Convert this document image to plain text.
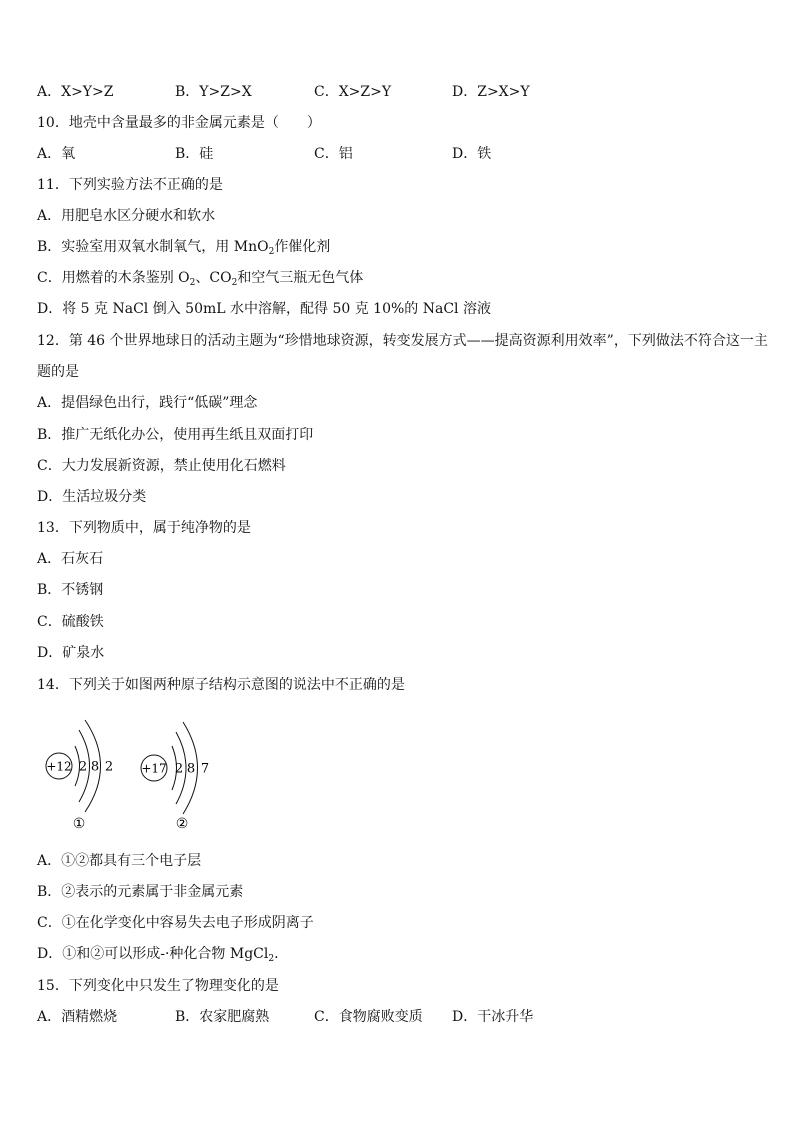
A．X>Y>Z	B．Y>Z>X	C．X>Z>Y	D．Z>X>Y
10．地壳中含量最多的非金属元素是（　　）
A．氧	B．硅	C．铝	D．铁
11．下列实验方法不正确的是
A．用肥皂水区分硬水和软水
B．实验室用双氧水制氧气，用 MnO$_2$作催化剂
C．用燃着的木条鉴别 $O_2$、$CO_2$和空气三瓶无色气体
D．将 5 克 NaCl 倒入 50mL 水中溶解，配得 50 克 10%的 NaCl 溶液
12．第 46 个世界地球日的活动主题为“珍惜地球资源，转变发展方式——提高资源利用效率”，下列做法不符合这一主
题的是
A．提倡绿色出行，践行“低碳”理念
B．推广无纸化办公，使用再生纸且双面打印
C．大力发展新资源，禁止使用化石燃料
D．生活垃圾分类
13．下列物质中，属于纯净物的是
A．石灰石
B．不锈钢
C．硫酸铁
D．矿泉水
14．下列关于如图两种原子结构示意图的说法中不正确的是
+12 2 8 2
①
+17 2 8 7
②
A．①②都具有三个电子层
B．②表示的元素属于非金属元素
C．①在化学变化中容易失去电子形成阴离子
D．①和②可以形成-·种化合物 MgCl$_2$.
15．下列变化中只发生了物理变化的是
A．酒精燃烧	B．农家肥腐熟	C．食物腐败变质 D．干冰升华
